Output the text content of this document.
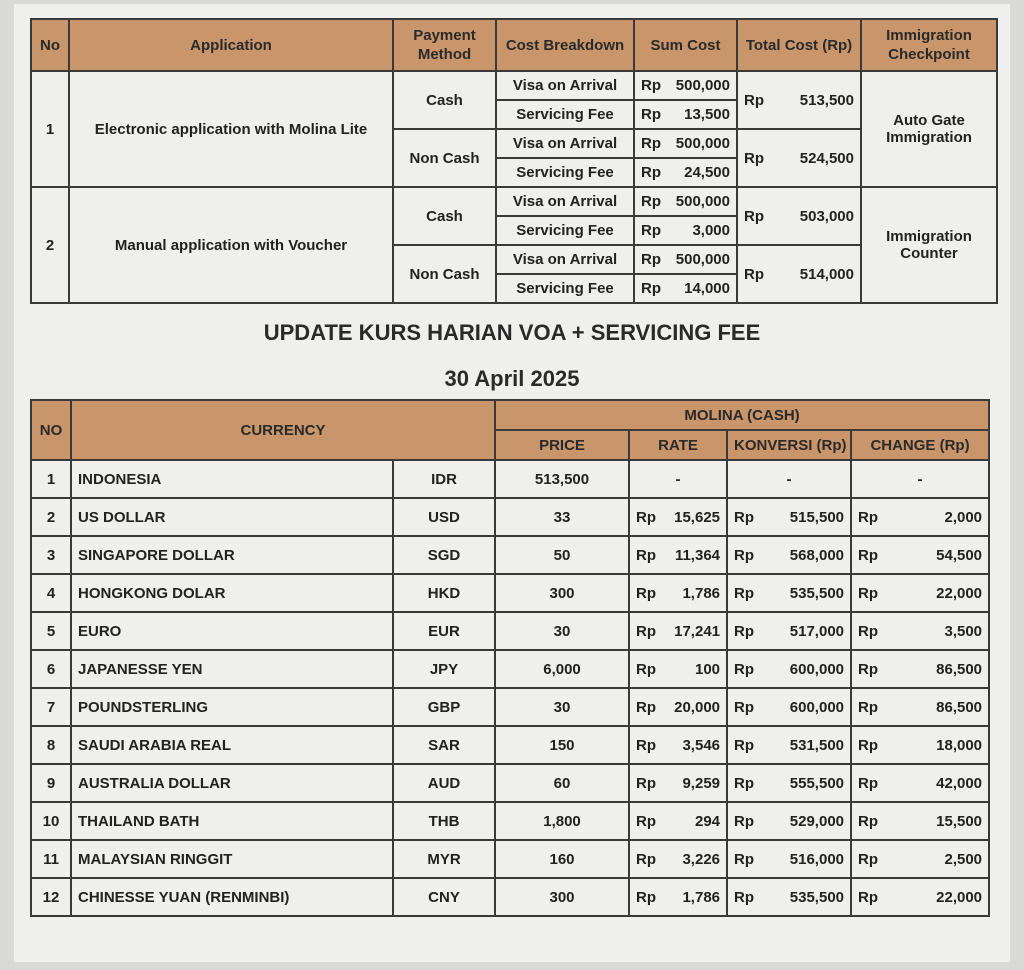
No	Application	Payment Method	Cost Breakdown	Sum Cost	Total Cost (Rp)	Immigration Checkpoint
1	Electronic application with Molina Lite	Cash	Visa on Arrival	Rp 500,000	Rp 513,500	Auto Gate Immigration
			Servicing Fee	Rp 13,500		

		Non Cash	Visa on Arrival	Rp 500,000	Rp 524,500	

			Servicing Fee	Rp 24,500		

2	Manual application with Voucher	Cash	Visa on Arrival	Rp 500,000	Rp 503,000	Immigration Counter
			Servicing Fee	Rp 3,000		

		Non Cash	Visa on Arrival	Rp 500,000	Rp 514,000	

			Servicing Fee	Rp 14,000		
UPDATE KURS HARIAN VOA + SERVICING FEE
30 April 2025
NO	CURRENCY		MOLINA (CASH)			
			PRICE	RATE	KONVERSI (Rp)	CHANGE (Rp)
1	INDONESIA	IDR	513,500	-	-	-
2	US DOLLAR	USD	33	Rp 15,625	Rp 515,500	Rp 2,000

3	SINGAPORE DOLLAR	SGD	50	Rp 11,364	Rp 568,000	Rp 54,500

4	HONGKONG DOLAR	HKD	300	Rp 1,786	Rp 535,500	Rp 22,000

5	EURO	EUR	30	Rp 17,241	Rp 517,000	Rp 3,500

6	JAPANESSE YEN	JPY	6,000	Rp 100	Rp 600,000	Rp 86,500

7	POUNDSTERLING	GBP	30	Rp 20,000	Rp 600,000	Rp 86,500

8	SAUDI ARABIA REAL	SAR	150	Rp 3,546	Rp 531,500	Rp 18,000

9	AUSTRALIA DOLLAR	AUD	60	Rp 9,259	Rp 555,500	Rp 42,000

10	THAILAND BATH	THB	1,800	Rp 294	Rp 529,000	Rp 15,500

11	MALAYSIAN RINGGIT	MYR	160	Rp 3,226	Rp 516,000	Rp 2,500

12	CHINESSE YUAN (RENMINBI)	CNY	300	Rp 1,786	Rp 535,500	Rp 22,000
